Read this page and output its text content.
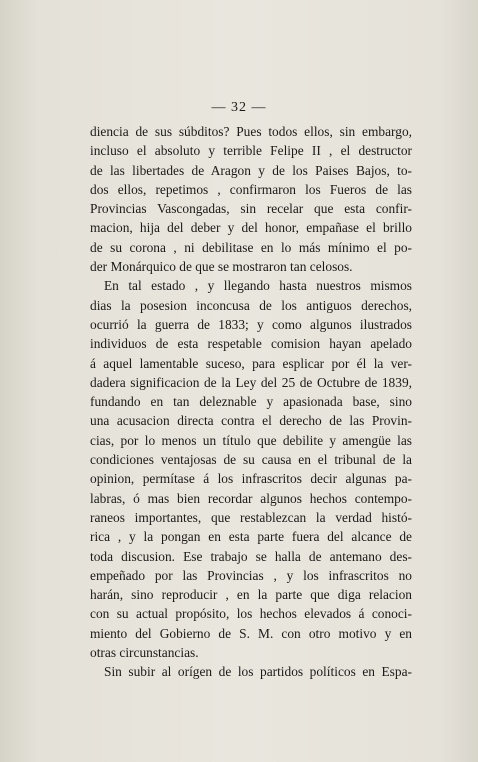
— 32 —
diencia de sus súbditos? Pues todos ellos, sin embargo,
incluso el absoluto y terrible Felipe II , el destructor
de las libertades de Aragon y de los Paises Bajos, to-
dos ellos, repetimos , confirmaron los Fueros de las
Provincias Vascongadas, sin recelar que esta confir-
macion, hija del deber y del honor, empañase el brillo
de su corona , ni debilitase en lo más mínimo el po-
der Monárquico de que se mostraron tan celosos.
En tal estado , y llegando hasta nuestros mismos
dias la posesion inconcusa de los antiguos derechos,
ocurrió la guerra de 1833; y como algunos ilustrados
individuos de esta respetable comision hayan apelado
á aquel lamentable suceso, para esplicar por él la ver-
dadera significacion de la Ley del 25 de Octubre de 1839,
fundando en tan deleznable y apasionada base, sino
una acusacion directa contra el derecho de las Provin-
cias, por lo menos un título que debilite y amengüe las
condiciones ventajosas de su causa en el tribunal de la
opinion, permítase á los infrascritos decir algunas pa-
labras, ó mas bien recordar algunos hechos contempo-
raneos importantes, que restablezcan la verdad histó-
rica , y la pongan en esta parte fuera del alcance de
toda discusion. Ese trabajo se halla de antemano des-
empeñado por las Provincias , y los infrascritos no
harán, sino reproducir , en la parte que diga relacion
con su actual propósito, los hechos elevados á conoci-
miento del Gobierno de S. M. con otro motivo y en
otras circunstancias.
Sin subir al orígen de los partidos políticos en Espa-
